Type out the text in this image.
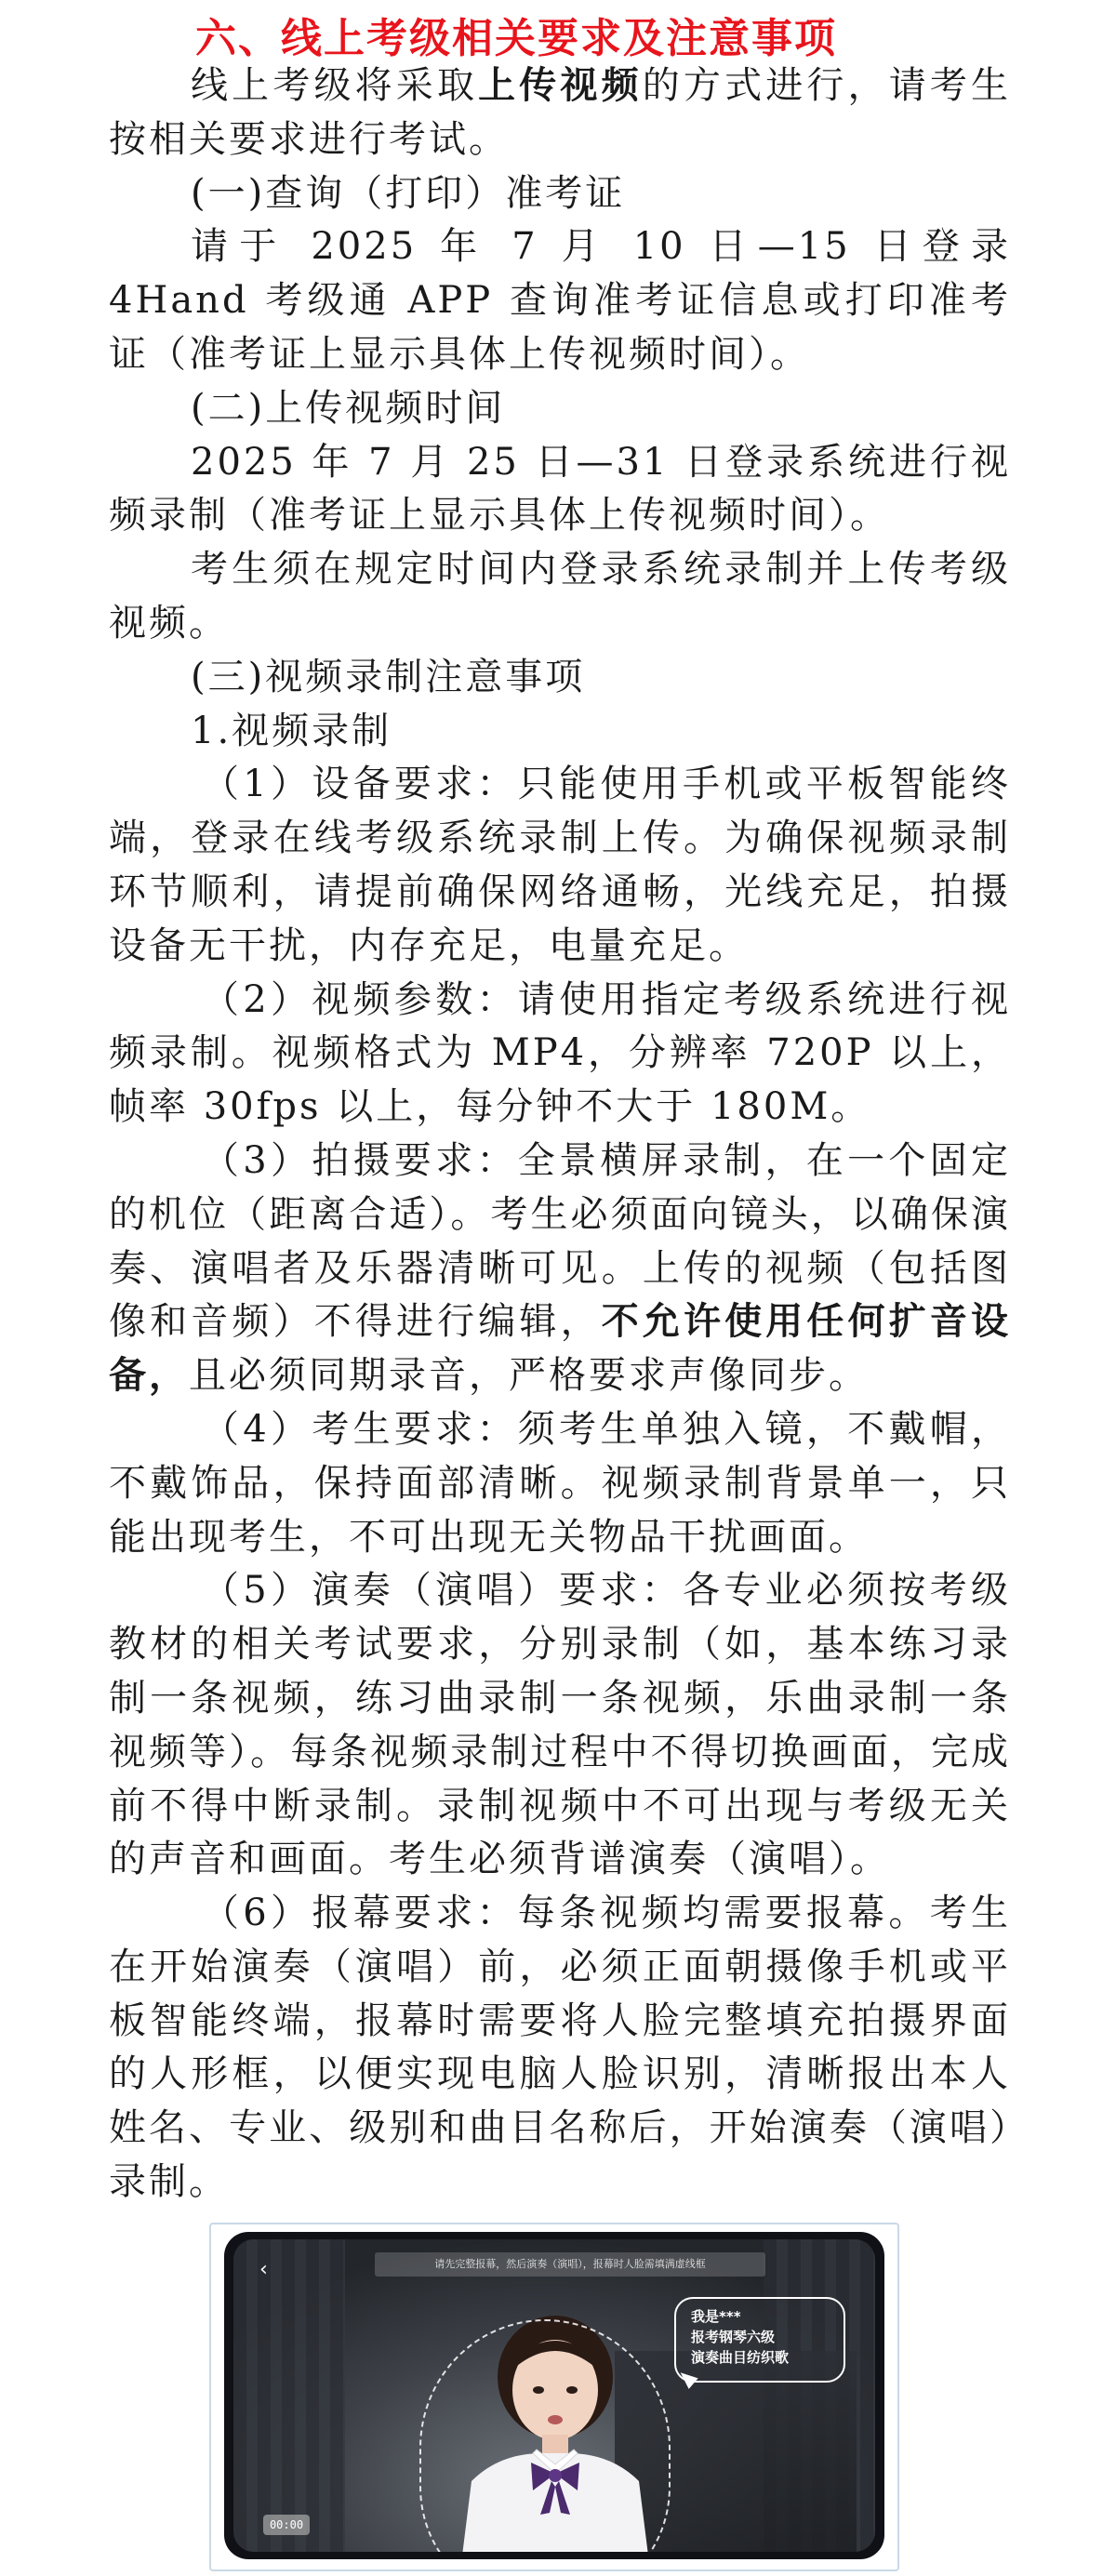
六、线上考级相关要求及注意事项

线上考级将采取上传视频的方式进行，请考生按相关要求进行考试。

(一)查询（打印）准考证

请于 2025 年 7 月 10 日—15 日登录 4Hand 考级通 APP 查询准考证信息或打印准考证（准考证上显示具体上传视频时间）。

(二)上传视频时间

2025 年 7 月 25 日—31 日登录系统进行视频录制（准考证上显示具体上传视频时间）。

考生须在规定时间内登录系统录制并上传考级视频。

(三)视频录制注意事项

1.视频录制

（1）设备要求：只能使用手机或平板智能终端，登录在线考级系统录制上传。为确保视频录制环节顺利，请提前确保网络通畅，光线充足，拍摄设备无干扰，内存充足，电量充足。

（2）视频参数：请使用指定考级系统进行视频录制。视频格式为 MP4，分辨率 720P 以上，帧率 30fps 以上，每分钟不大于 180M。

（3）拍摄要求：全景横屏录制，在一个固定的机位（距离合适）。考生必须面向镜头，以确保演奏、演唱者及乐器清晰可见。上传的视频（包括图像和音频）不得进行编辑，不允许使用任何扩音设备，且必须同期录音，严格要求声像同步。

（4）考生要求：须考生单独入镜，不戴帽，不戴饰品，保持面部清晰。视频录制背景单一，只能出现考生，不可出现无关物品干扰画面。

（5）演奏（演唱）要求：各专业必须按考级教材的相关考试要求，分别录制（如，基本练习录制一条视频，练习曲录制一条视频，乐曲录制一条视频等）。每条视频录制过程中不得切换画面，完成前不得中断录制。录制视频中不可出现与考级无关的声音和画面。考生必须背谱演奏（演唱）。

（6）报幕要求：每条视频均需要报幕。考生在开始演奏（演唱）前，必须正面朝摄像手机或平板智能终端，报幕时需要将人脸完整填充拍摄界面的人形框，以便实现电脑人脸识别，清晰报出本人姓名、专业、级别和曲目名称后，开始演奏（演唱）录制。

‹	请先完整报幕，然后演奏（演唱），报幕时人脸需填满虚线框
我是***
报考钢琴六级
演奏曲目纺织歌
00:00
